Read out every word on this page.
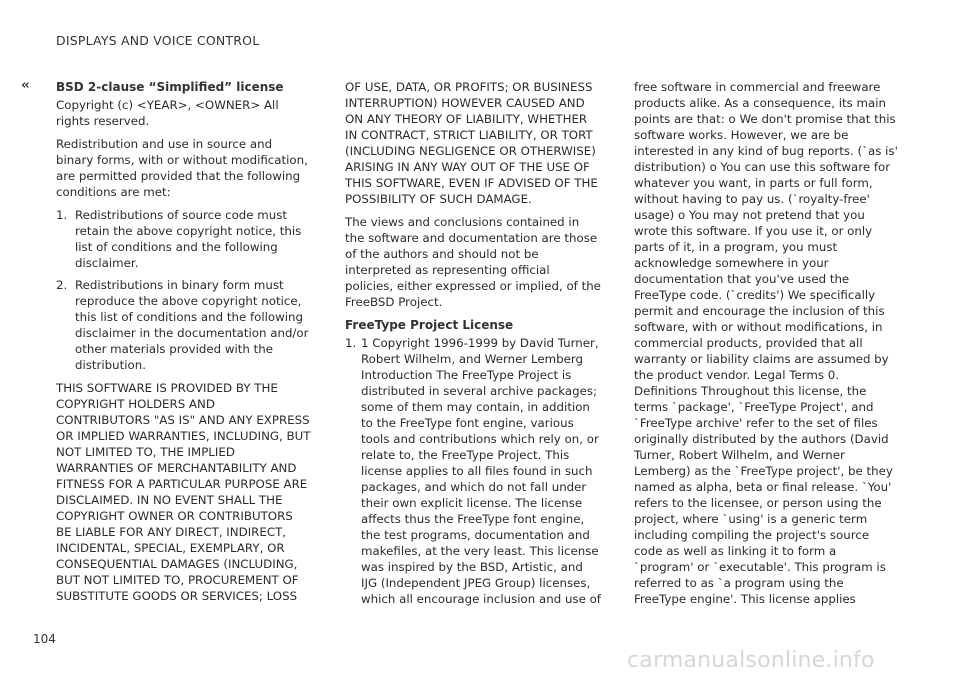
DISPLAYS AND VOICE CONTROL
‹‹ BSD 2-clause “Simplified” license

Copyright (c) <YEAR>, <OWNER> All rights reserved.

Redistribution and use in source and binary forms, with or without modification, are permitted provided that the following conditions are met:

1. Redistributions of source code must retain the above copyright notice, this list of conditions and the following disclaimer.
2. Redistributions in binary form must reproduce the above copyright notice, this list of conditions and the following disclaimer in the documentation and/or other materials provided with the distribution.

THIS SOFTWARE IS PROVIDED BY THE COPYRIGHT HOLDERS AND CONTRIBUTORS "AS IS" AND ANY EXPRESS OR IMPLIED WARRANTIES, INCLUDING, BUT NOT LIMITED TO, THE IMPLIED WARRANTIES OF MERCHANTABILITY AND FITNESS FOR A PARTICULAR PURPOSE ARE DISCLAIMED. IN NO EVENT SHALL THE COPYRIGHT OWNER OR CONTRIBUTORS BE LIABLE FOR ANY DIRECT, INDIRECT, INCIDENTAL, SPECIAL, EXEMPLARY, OR CONSEQUENTIAL DAMAGES (INCLUDING, BUT NOT LIMITED TO, PROCUREMENT OF SUBSTITUTE GOODS OR SERVICES; LOSS

OF USE, DATA, OR PROFITS; OR BUSINESS INTERRUPTION) HOWEVER CAUSED AND ON ANY THEORY OF LIABILITY, WHETHER IN CONTRACT, STRICT LIABILITY, OR TORT (INCLUDING NEGLIGENCE OR OTHERWISE) ARISING IN ANY WAY OUT OF THE USE OF THIS SOFTWARE, EVEN IF ADVISED OF THE POSSIBILITY OF SUCH DAMAGE.

The views and conclusions contained in the software and documentation are those of the authors and should not be interpreted as representing official policies, either expressed or implied, of the FreeBSD Project.

FreeType Project License
1. 1 Copyright 1996-1999 by David Turner, Robert Wilhelm, and Werner Lemberg Introduction The FreeType Project is distributed in several archive packages; some of them may contain, in addition to the FreeType font engine, various tools and contributions which rely on, or relate to, the FreeType Project. This license applies to all files found in such packages, and which do not fall under their own explicit license. The license affects thus the FreeType font engine, the test programs, documentation and makefiles, at the very least. This license was inspired by the BSD, Artistic, and IJG (Independent JPEG Group) licenses, which all encourage inclusion and use of

free software in commercial and freeware products alike. As a consequence, its main points are that: o We don't promise that this software works. However, we are be interested in any kind of bug reports. (`as is' distribution) o You can use this software for whatever you want, in parts or full form, without having to pay us. (`royalty-free' usage) o You may not pretend that you wrote this software. If you use it, or only parts of it, in a program, you must acknowledge somewhere in your documentation that you've used the FreeType code. (`credits') We specifically permit and encourage the inclusion of this software, with or without modifications, in commercial products, provided that all warranty or liability claims are assumed by the product vendor. Legal Terms 0. Definitions Throughout this license, the terms `package', `FreeType Project', and `FreeType archive' refer to the set of files originally distributed by the authors (David Turner, Robert Wilhelm, and Werner Lemberg) as the `FreeType project', be they named as alpha, beta or final release. `You' refers to the licensee, or person using the project, where `using' is a generic term including compiling the project's source code as well as linking it to form a `program' or `executable'. This program is referred to as `a program using the FreeType engine'. This license applies

104
carmanualsonline.info
